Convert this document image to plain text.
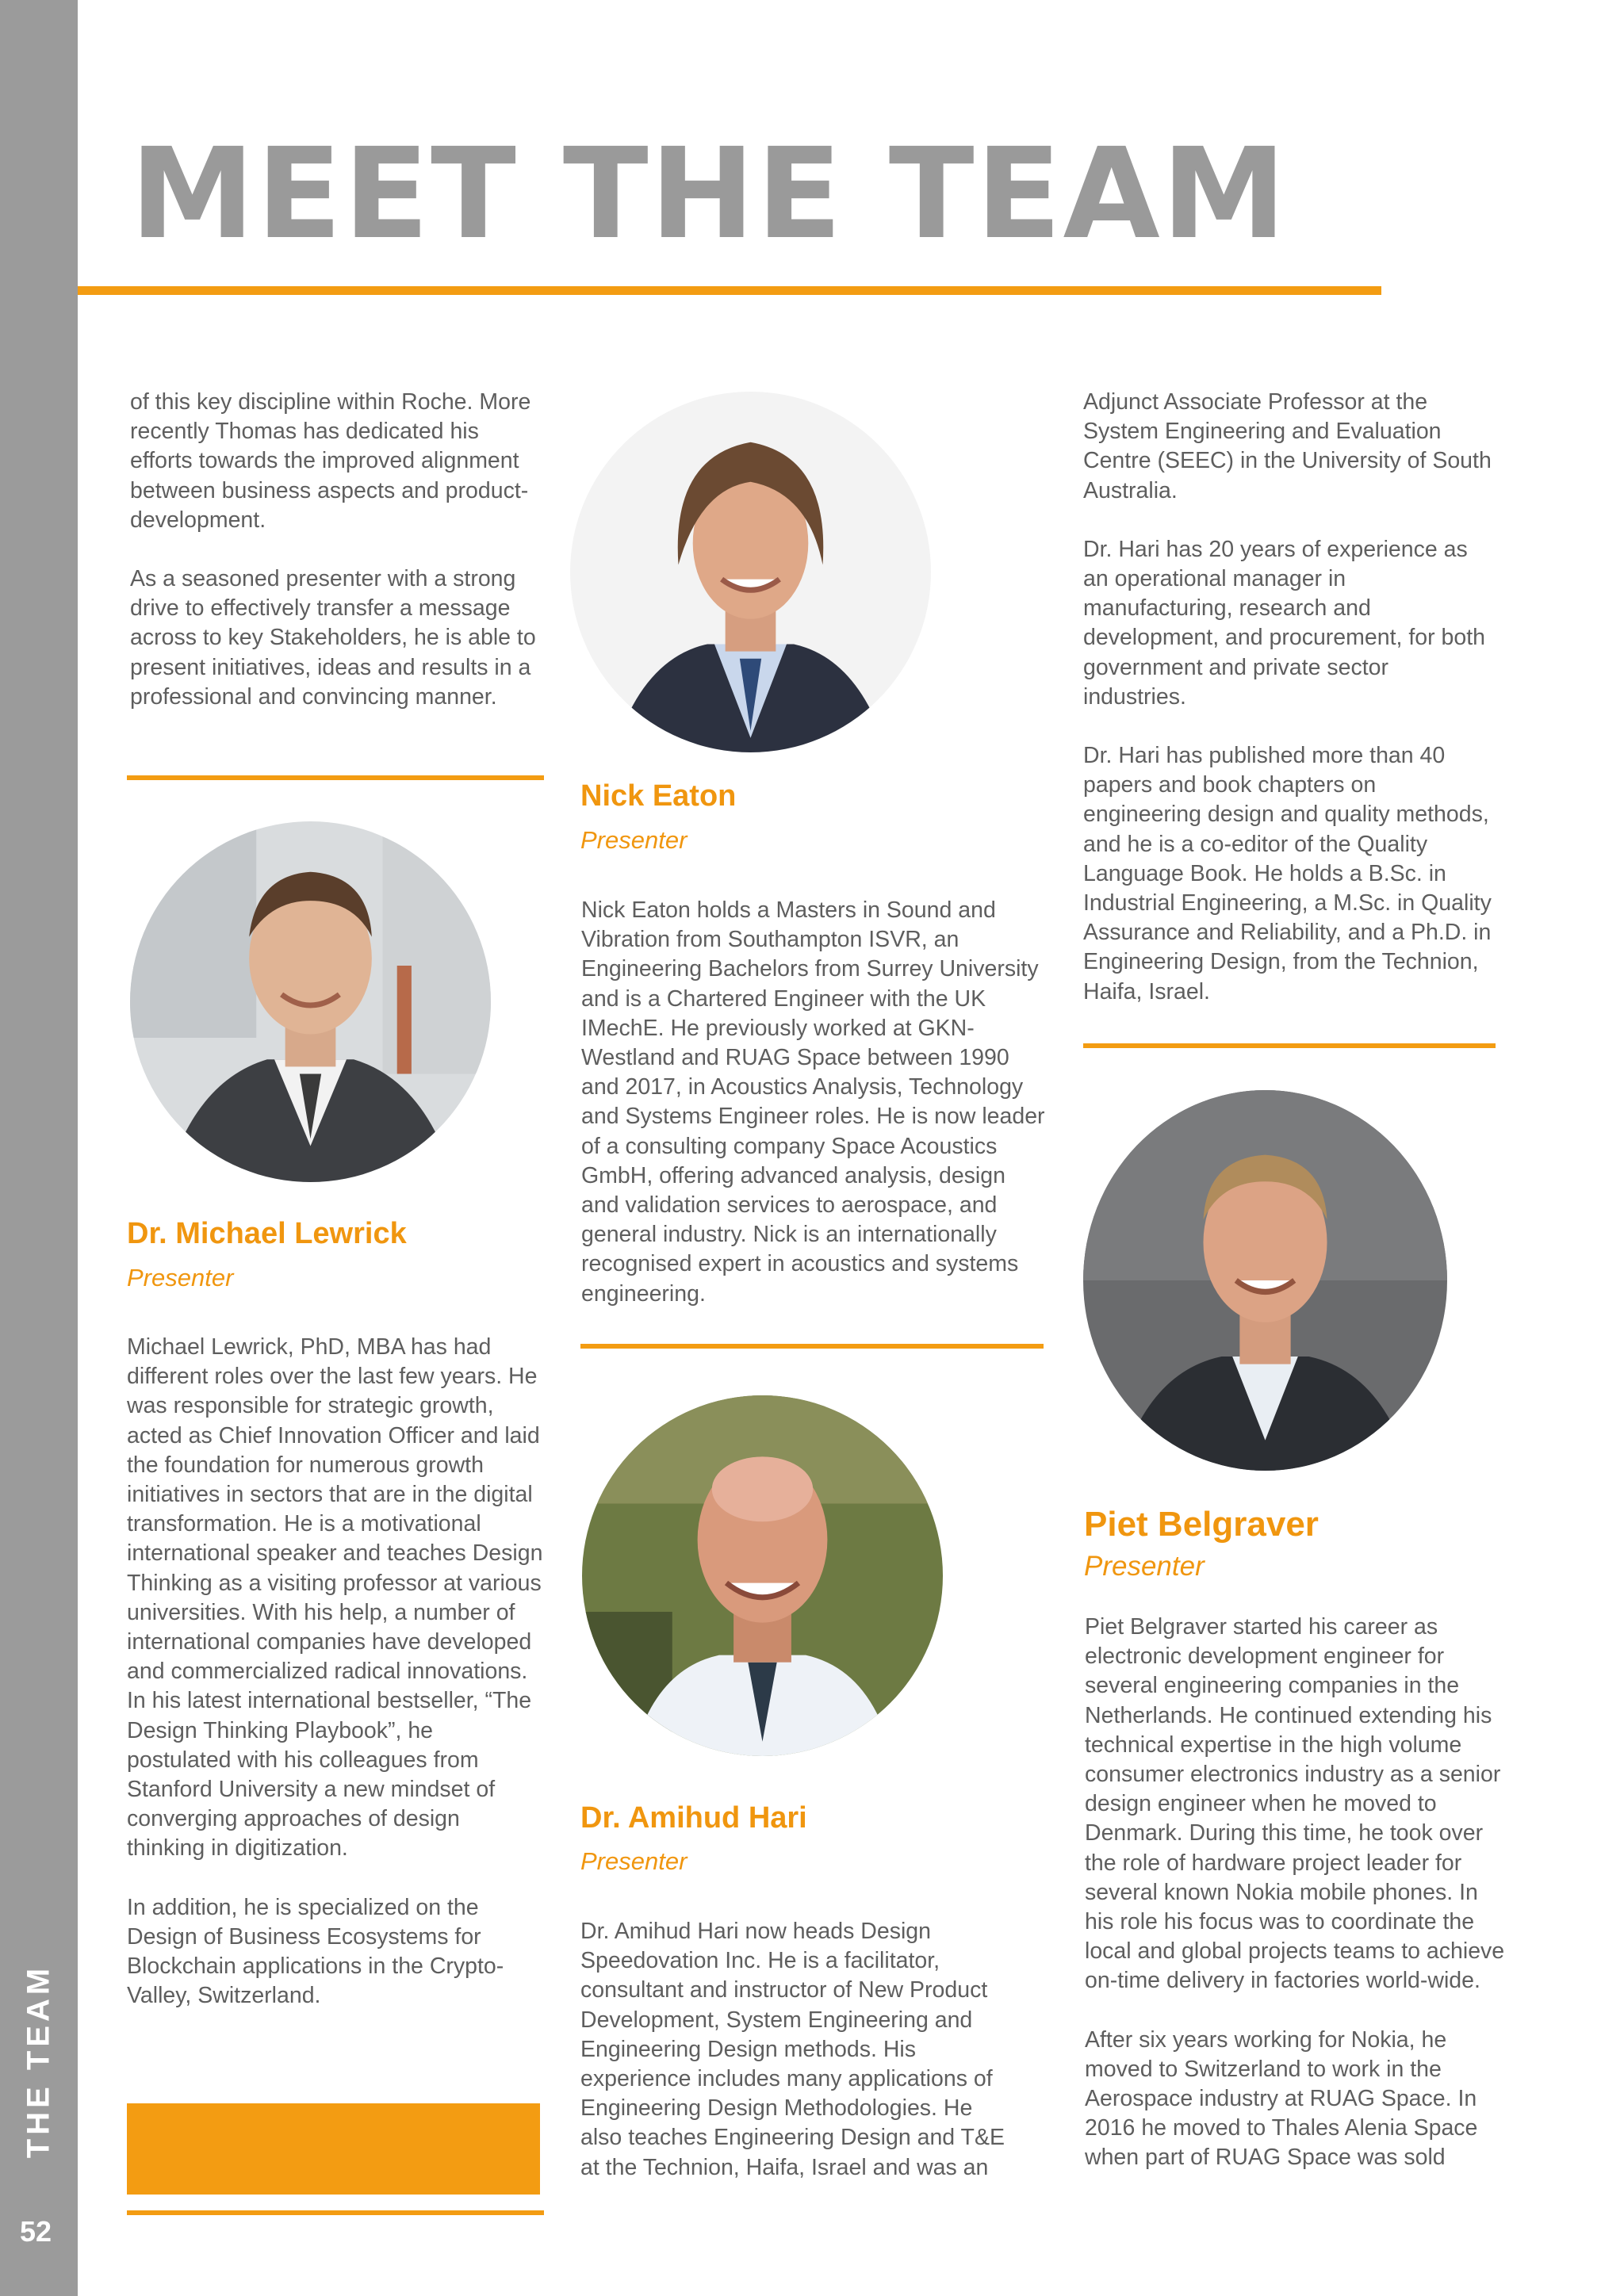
THE TEAM
52
MEET THE TEAM

of this key discipline within Roche. More recently Thomas has dedicated his efforts towards the improved alignment between business aspects and product-development.

As a seasoned presenter with a strong drive to effectively transfer a message across to key Stakeholders, he is able to present initiatives, ideas and results in a professional and convincing manner.

Dr. Michael Lewrick
Presenter

Michael Lewrick, PhD, MBA has had different roles over the last few years. He was responsible for strategic growth, acted as Chief Innovation Officer and laid the foundation for numerous growth initiatives in sectors that are in the digital transformation. He is a motivational international speaker and teaches Design Thinking as a visiting professor at various universities. With his help, a number of international companies have developed and commercialized radical innovations. In his latest international bestseller, “The Design Thinking Playbook”, he postulated with his colleagues from Stanford University a new mindset of converging approaches of design thinking in digitization.

In addition, he is specialized on the Design of Business Ecosystems for Blockchain applications in the Crypto-Valley, Switzerland.

Nick Eaton
Presenter

Nick Eaton holds a Masters in Sound and Vibration from Southampton ISVR, an Engineering Bachelors from Surrey University and is a Chartered Engineer with the UK IMechE. He previously worked at GKN-Westland and RUAG Space between 1990 and 2017, in Acoustics Analysis, Technology and Systems Engineer roles. He is now leader of a consulting company Space Acoustics GmbH, offering advanced analysis, design and validation services to aerospace, and general industry. Nick is an internationally recognised expert in acoustics and systems engineering.

Dr. Amihud Hari
Presenter

Dr. Amihud Hari now heads Design Speedovation Inc. He is a facilitator, consultant and instructor of New Product Development, System Engineering and Engineering Design methods. His experience includes many applications of Engineering Design Methodologies. He also teaches Engineering Design and T&E at the Technion, Haifa, Israel and was an

Adjunct Associate Professor at the System Engineering and Evaluation Centre (SEEC) in the University of South Australia.

Dr. Hari has 20 years of experience as an operational manager in manufacturing, research and development, and procurement, for both government and private sector industries.

Dr. Hari has published more than 40 papers and book chapters on engineering design and quality methods, and he is a co-editor of the Quality Language Book. He holds a B.Sc. in Industrial Engineering, a M.Sc. in Quality Assurance and Reliability, and a Ph.D. in Engineering Design, from the Technion, Haifa, Israel.

Piet Belgraver
Presenter

Piet Belgraver started his career as electronic development engineer for several engineering companies in the Netherlands. He continued extending his technical expertise in the high volume consumer electronics industry as a senior design engineer when he moved to Denmark. During this time, he took over the role of hardware project leader for several known Nokia mobile phones. In his role his focus was to coordinate the local and global projects teams to achieve on-time delivery in factories world-wide.

After six years working for Nokia, he moved to Switzerland to work in the Aerospace industry at RUAG Space. In 2016 he moved to Thales Alenia Space when part of RUAG Space was sold
